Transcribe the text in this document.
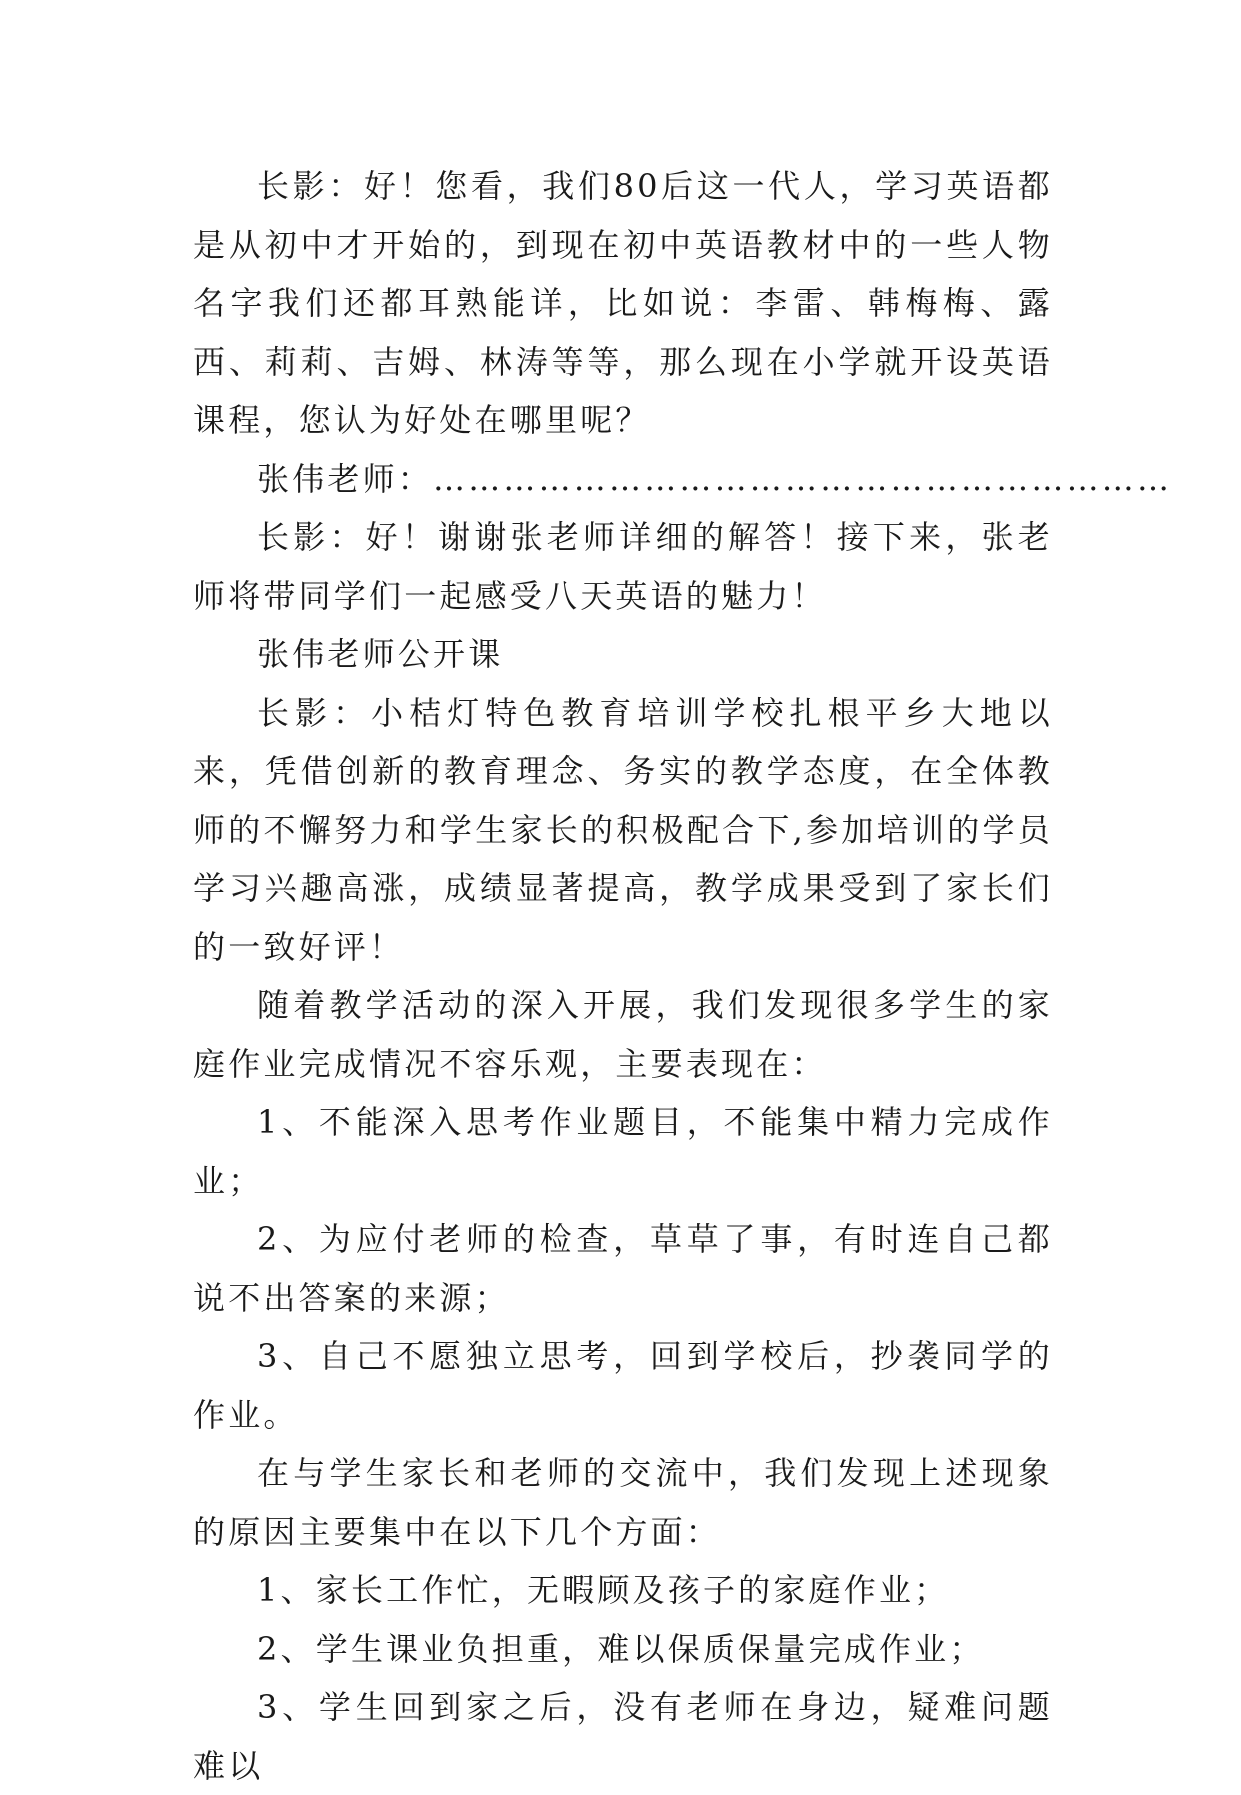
长影：好！您看，我们80后这一代人，学习英语都是从初中才开始的，到现在初中英语教材中的一些人物名字我们还都耳熟能详，比如说：李雷、韩梅梅、露西、莉莉、吉姆、林涛等等，那么现在小学就开设英语课程，您认为好处在哪里呢？

张伟老师：………………………………………………………

长影：好！谢谢张老师详细的解答！接下来，张老师将带同学们一起感受八天英语的魅力！

张伟老师公开课

长影：小桔灯特色教育培训学校扎根平乡大地以来，凭借创新的教育理念、务实的教学态度，在全体教师的不懈努力和学生家长的积极配合下,参加培训的学员学习兴趣高涨，成绩显著提高，教学成果受到了家长们的一致好评！

随着教学活动的深入开展，我们发现很多学生的家庭作业完成情况不容乐观，主要表现在：

1、不能深入思考作业题目，不能集中精力完成作业；

2、为应付老师的检查，草草了事，有时连自己都说不出答案的来源；

3、自己不愿独立思考，回到学校后，抄袭同学的作业。

在与学生家长和老师的交流中，我们发现上述现象的原因主要集中在以下几个方面：

1、家长工作忙，无暇顾及孩子的家庭作业；

2、学生课业负担重，难以保质保量完成作业；

3、学生回到家之后，没有老师在身边，疑难问题难以
